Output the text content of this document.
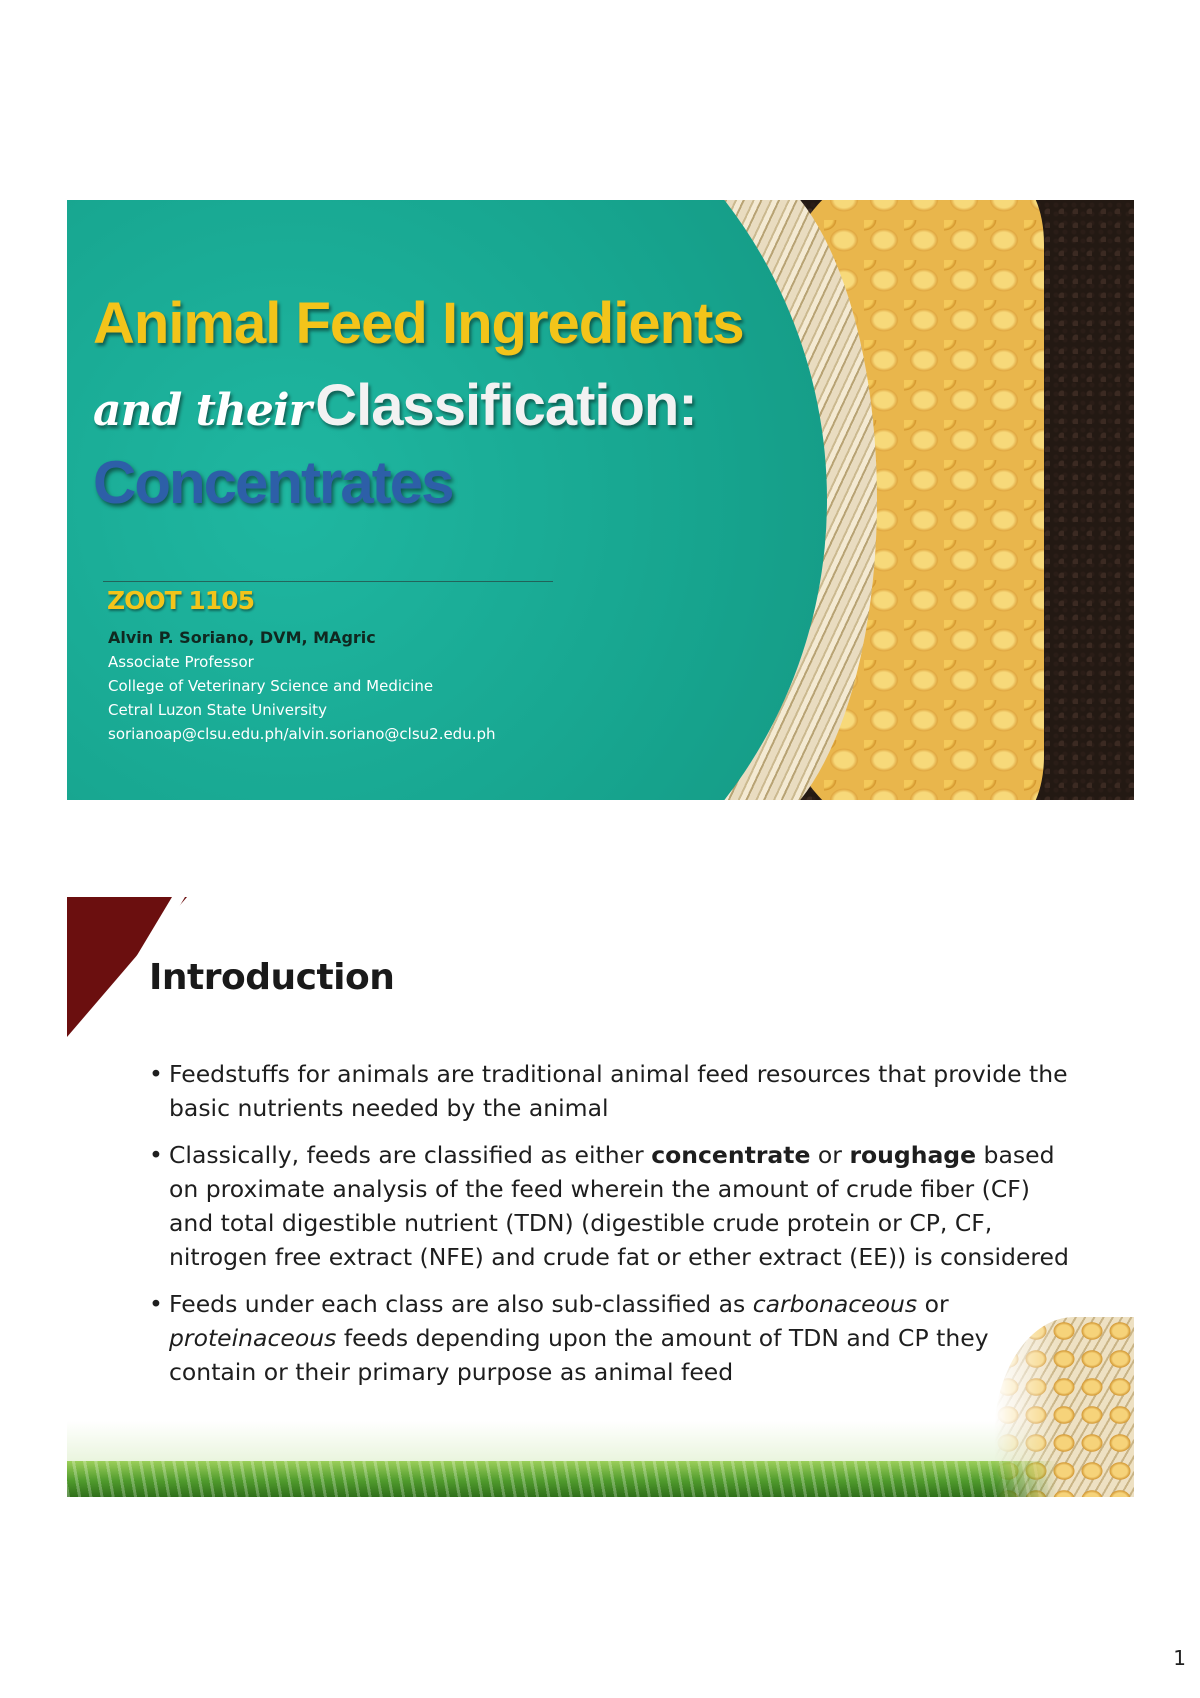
Animal Feed Ingredients
and their Classification:
Concentrates
ZOOT 1105
Alvin P. Soriano, DVM, MAgric
Associate Professor
College of Veterinary Science and Medicine
Cetral Luzon State University
sorianoap@clsu.edu.ph/alvin.soriano@clsu2.edu.ph
Introduction
• Feedstuffs for animals are traditional animal feed resources that provide the basic nutrients needed by the animal
• Classically, feeds are classified as either concentrate or roughage based on proximate analysis of the feed wherein the amount of crude fiber (CF) and total digestible nutrient (TDN) (digestible crude protein or CP, CF, nitrogen free extract (NFE) and crude fat or ether extract (EE)) is considered
• Feeds under each class are also sub-classified as carbonaceous or proteinaceous feeds depending upon the amount of TDN and CP they contain or their primary purpose as animal feed
1
